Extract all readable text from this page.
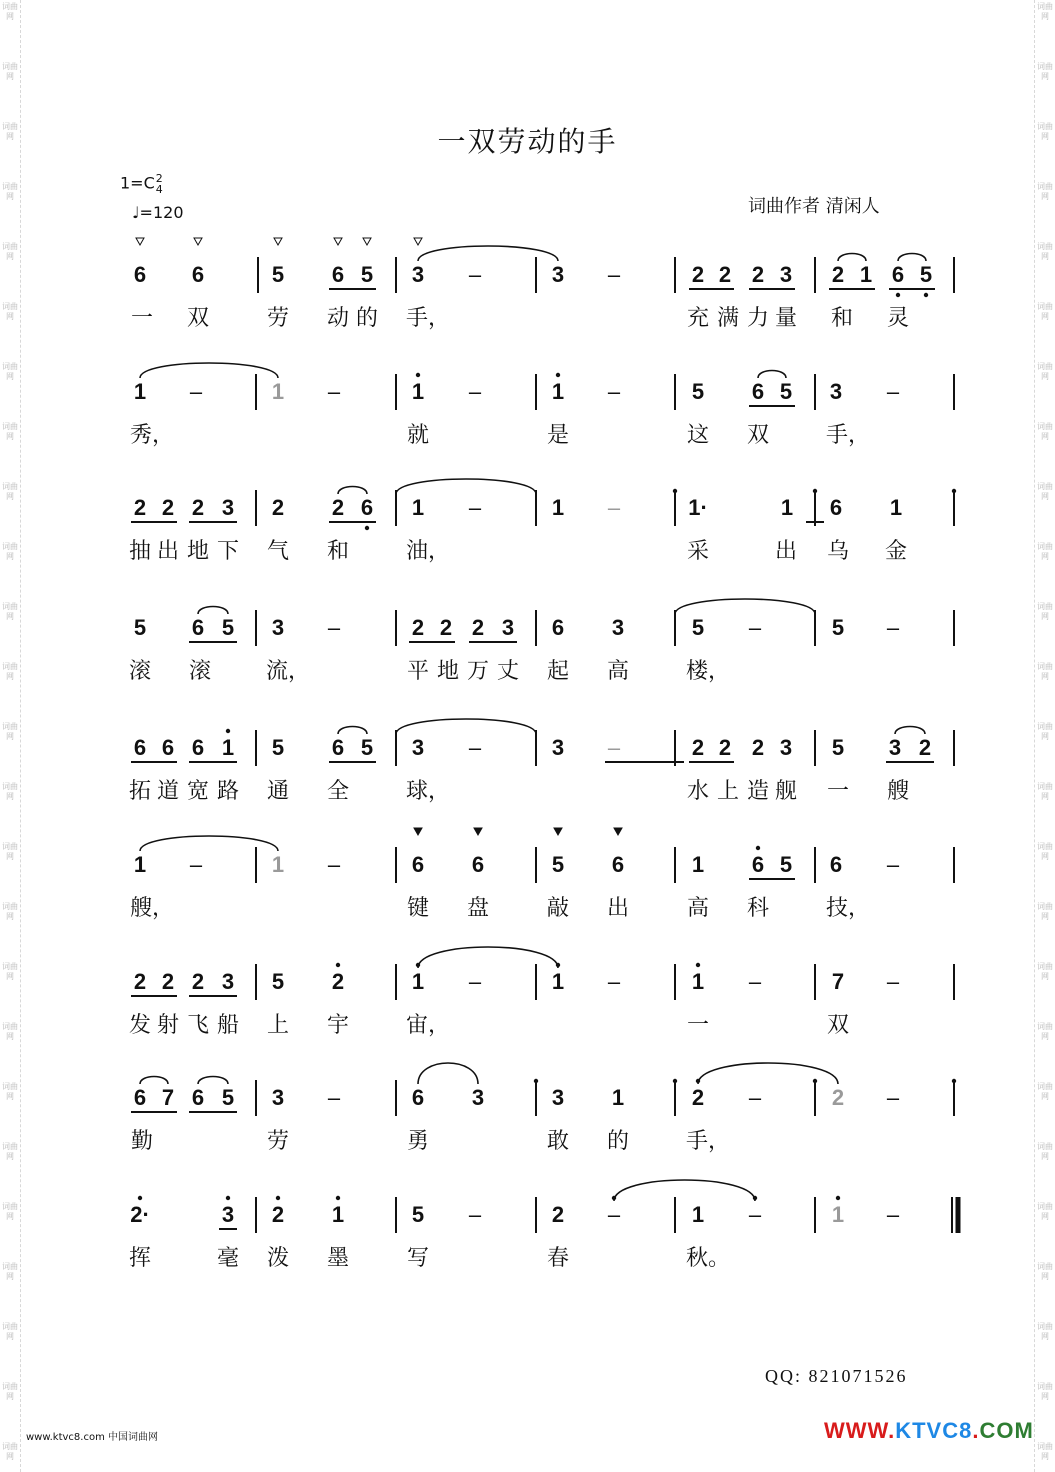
词曲网
词曲网
词曲网
词曲网
词曲网
词曲网
词曲网
词曲网
词曲网
词曲网
词曲网
词曲网
词曲网
词曲网
词曲网
词曲网
词曲网
词曲网
词曲网
词曲网
词曲网
词曲网
词曲网
词曲网
词曲网
词曲网
词曲网
词曲网
词曲网
词曲网
词曲网
词曲网
词曲网
词曲网
词曲网
词曲网
词曲网
词曲网
词曲网
词曲网
词曲网
词曲网
词曲网
词曲网
词曲网
词曲网
词曲网
词曲网
词曲网
词曲网
一双劳动的手
1=C 2
4
♩=120	词曲作者 清闲人
6 6	5 6 5 3 –	3 –	2 2 2 3 2 1 6 5
一 双	劳 动 的 手，	充 满 力 量 和 灵
1 –	1 –	1 –	1 –	5 6 5 3 –
秀，	就	是	这 双	手，
2 2 2 3 2 2 6 1 –	1 –	1·	1 6 1
抽 出 地 下 气 和	油，	采	出 乌 金
5 6 5 3 –	2 2 2 3 6 3	5 –	5 –
滚 滚 流，	平 地 万 丈 起 高	楼，
6 6 6 1 5 6 5 3 –	3 –	2 2 2 3 5 3 2
拓 道 宽 路 通 全	球，	水 上 造 舰 一 艘
1 –	1 –	6 6	5 6	1 6 5 6 –
艘，	键 盘	敲 出	高 科	技，
2 2 2 3 5 2	1 –	1 –	1 –	7 –
发 射 飞 船 上 宇	宙，	一	双
6 7 6 5 3 –	6 3	3 1	2 –	2 –
勤	劳	勇	敢 的	手，
2·	3 2 1	5 –	2 –	1 –	1 –
挥	毫 泼 墨	写	春	秋。
QQ: 821071526
www.ktvc8.com 中国词曲网	WWW.KTVC8.COM
